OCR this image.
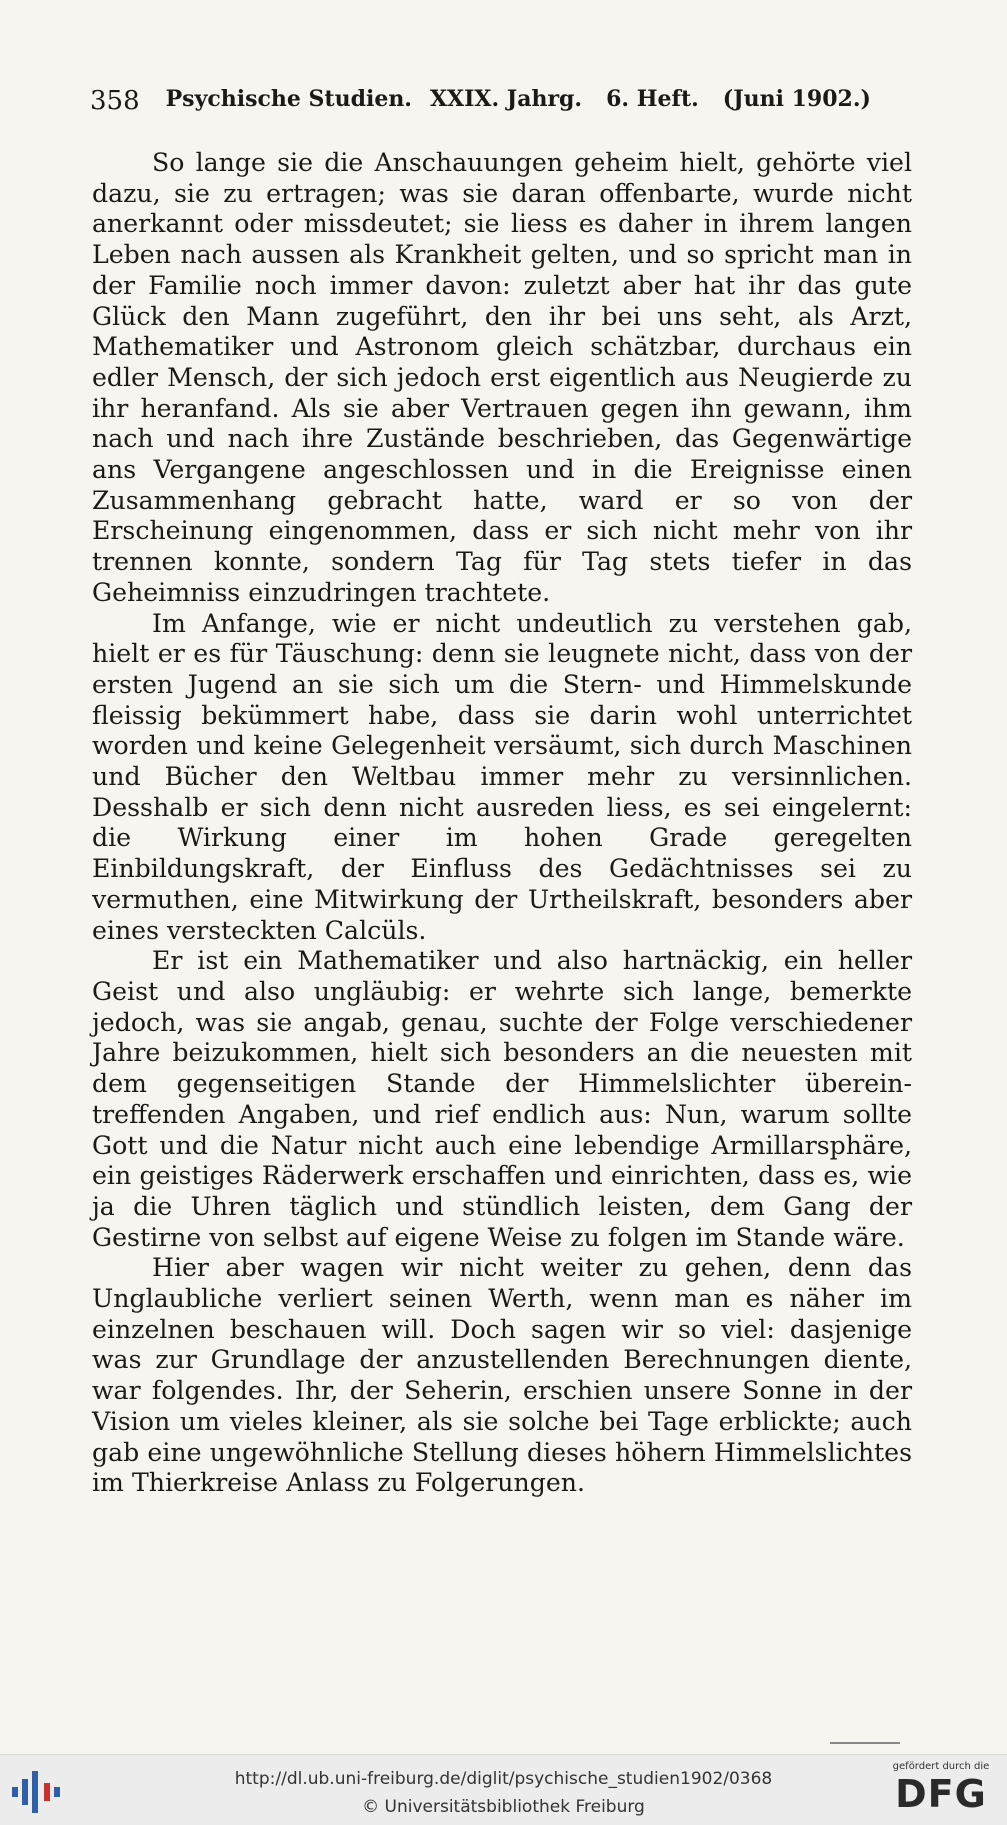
358 Psychische Studien. XXIX. Jahrg. 6. Heft. (Juni 1902.)

So lange sie die Anschauungen geheim hielt, gehörte viel dazu, sie zu ertragen; was sie daran offenbarte, wurde nicht anerkannt oder missdeutet; sie liess es daher in ihrem langen Leben nach aussen als Krankheit gelten, und so spricht man in der Familie noch immer davon: zuletzt aber hat ihr das gute Glück den Mann zugeführt, den ihr bei uns seht, als Arzt, Mathematiker und Astronom gleich schätzbar, durchaus ein edler Mensch, der sich jedoch erst eigentlich aus Neugierde zu ihr heranfand. Als sie aber Vertrauen gegen ihn gewann, ihm nach und nach ihre Zustände beschrieben, das Gegenwärtige ans Vergangene angeschlossen und in die Ereignisse einen Zusammenhang gebracht hatte, ward er so von der Erscheinung eingenommen, dass er sich nicht mehr von ihr trennen konnte, sondern Tag für Tag stets tiefer in das Geheimniss einzudringen trachtete.

Im Anfange, wie er nicht undeutlich zu verstehen gab, hielt er es für Täuschung: denn sie leugnete nicht, dass von der ersten Jugend an sie sich um die Stern- und Himmelskunde fleissig bekümmert habe, dass sie darin wohl unterrichtet worden und keine Gelegenheit versäumt, sich durch Maschinen und Bücher den Weltbau immer mehr zu versinnlichen. Desshalb er sich denn nicht ausreden liess, es sei eingelernt: die Wirkung einer im hohen Grade geregelten Einbildungskraft, der Einfluss des Gedächtnisses sei zu vermuthen, eine Mitwirkung der Urtheilskraft, besonders aber eines versteckten Calcüls.

Er ist ein Mathematiker und also hartnäckig, ein heller Geist und also ungläubig: er wehrte sich lange, bemerkte jedoch, was sie angab, genau, suchte der Folge verschiedener Jahre beizukommen, hielt sich besonders an die neuesten mit dem gegenseitigen Stande der Himmelslichter übereintreffenden Angaben, und rief endlich aus: Nun, warum sollte Gott und die Natur nicht auch eine lebendige Armillarsphäre, ein geistiges Räderwerk erschaffen und einrichten, dass es, wie ja die Uhren täglich und stündlich leisten, dem Gang der Gestirne von selbst auf eigene Weise zu folgen im Stande wäre.

Hier aber wagen wir nicht weiter zu gehen, denn das Unglaubliche verliert seinen Werth, wenn man es näher im einzelnen beschauen will. Doch sagen wir so viel: dasjenige was zur Grundlage der anzustellenden Berechnungen diente, war folgendes. Ihr, der Seherin, erschien unsere Sonne in der Vision um vieles kleiner, als sie solche bei Tage erblickte; auch gab eine ungewöhnliche Stellung dieses höhern Himmelslichtes im Thierkreise Anlass zu Folgerungen.

http://dl.ub.uni-freiburg.de/diglit/psychische_studien1902/0368
© Universitätsbibliothek Freiburg
gefördert durch die
DFG
